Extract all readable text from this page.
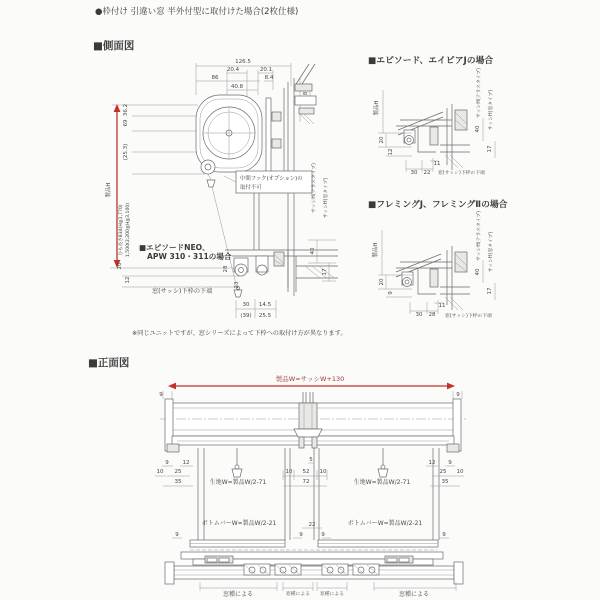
●枠付け 引違い窓 半外付型に取付けた場合(2枚仕様)
■側面図
製品H
ひも長さ834(H≦1,770) 1,500(2,200≦H≦3,100)
36.2
69
(25.3)
20
12
126.5
20.4
86
40.8
20.1
8.4
中間フック(オプション)の
取付不可	サッシH(テラスタイプ)	サッシH(窓タイプ)
28
23
30 14.5
(39) 25.5
40
17
■エピソードNEO、
APW 310・311の場合
窓(サッシ)下枠の下端
※同じユニットですが、窓シリーズによって下枠への取付け方が異なります。
■エピソード、エイピアJの場合
製品H
20
12
30 22
11
40
17
窓(サッシ)下枠の下端
サッシH(テラスタイプ)	サッシH(窓タイプ)
■フレミングJ、フレミングⅡの場合
製品H
20
9
30 28
11
40
17
窓(サッシ)下枠の下端
サッシH(テラスタイプ)	サッシH(窓タイプ)
■正面図
製品W=サッシW+130
9	9
9	12
10 25
35
5
10 52 10
72
12 9
25 10
35
生地W=製品W/2-71	生地W=製品W/2-71
ボトムバーW=製品W/2-21	ボトムバーW=製品W/2-21
22
9	9
9	9
窓種による	窓種による 窓種による	窓種による
